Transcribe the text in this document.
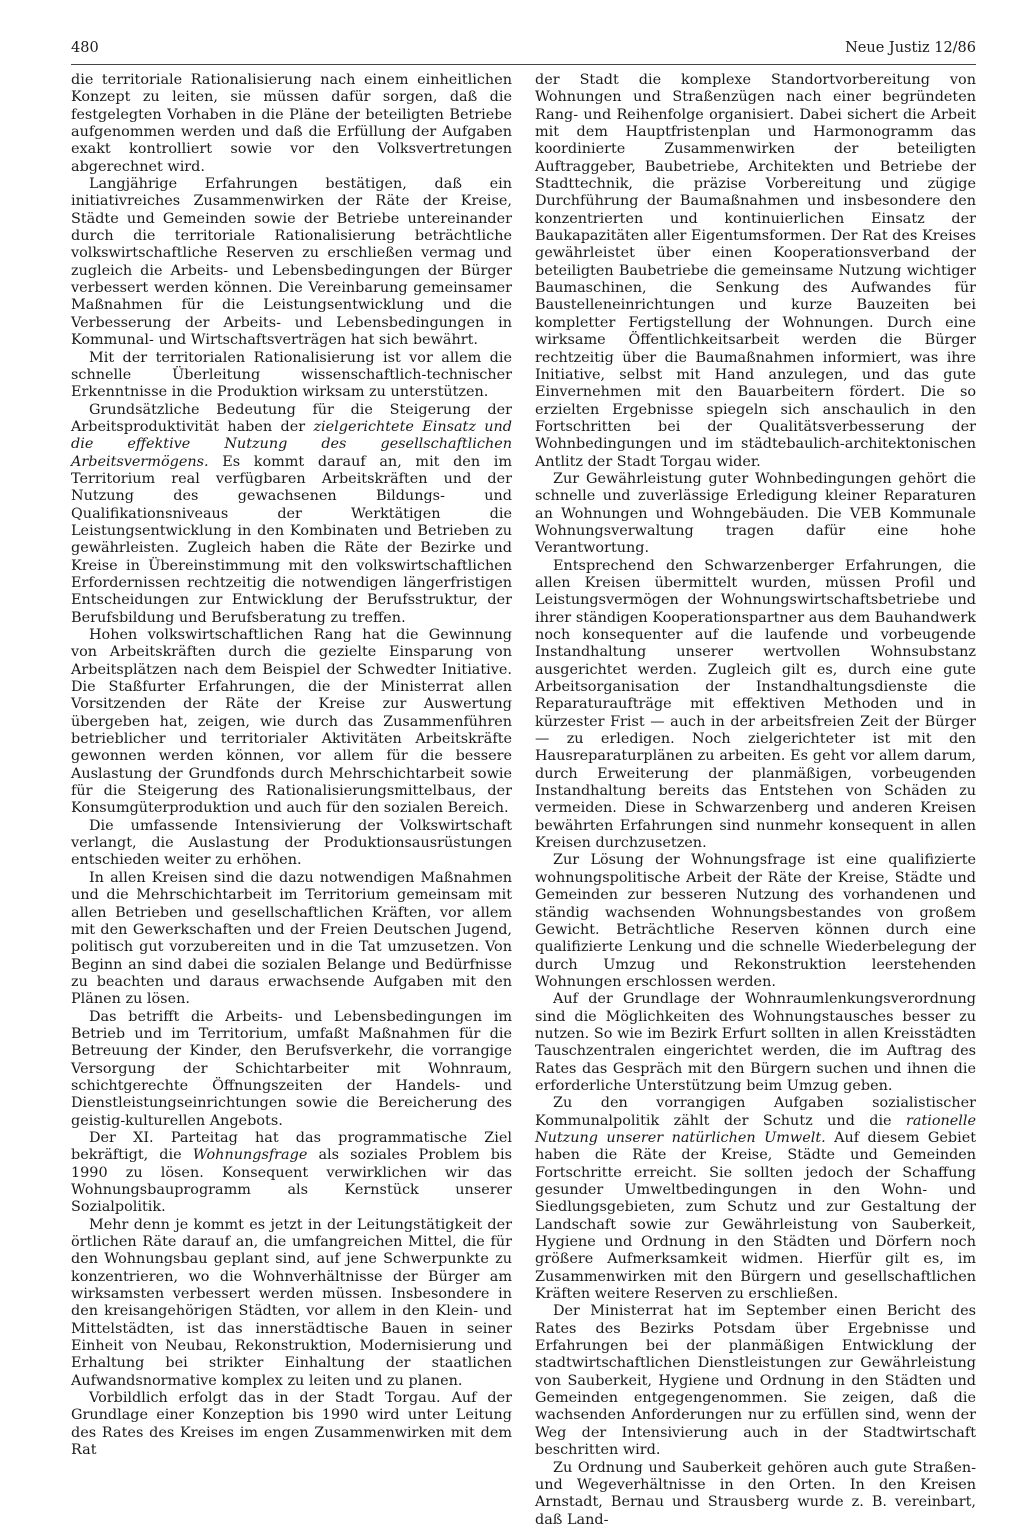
480	Neue Justiz 12/86

die territoriale Rationalisierung nach einem einheitlichen Konzept zu leiten, sie müssen dafür sorgen, daß die festgelegten Vorhaben in die Pläne der beteiligten Betriebe aufgenommen werden und daß die Erfüllung der Aufgaben exakt kontrolliert sowie vor den Volksvertretungen abgerechnet wird.

Langjährige Erfahrungen bestätigen, daß ein initiativreiches Zusammenwirken der Räte der Kreise, Städte und Gemeinden sowie der Betriebe untereinander durch die territoriale Rationalisierung beträchtliche volkswirtschaftliche Reserven zu erschließen vermag und zugleich die Arbeits- und Lebensbedingungen der Bürger verbessert werden können. Die Vereinbarung gemeinsamer Maßnahmen für die Leistungsentwicklung und die Verbesserung der Arbeits- und Lebensbedingungen in Kommunal- und Wirtschaftsverträgen hat sich bewährt.

Mit der territorialen Rationalisierung ist vor allem die schnelle Überleitung wissenschaftlich-technischer Erkenntnisse in die Produktion wirksam zu unterstützen.

Grundsätzliche Bedeutung für die Steigerung der Arbeitsproduktivität haben der zielgerichtete Einsatz und die effektive Nutzung des gesellschaftlichen Arbeitsvermögens. Es kommt darauf an, mit den im Territorium real verfügbaren Arbeitskräften und der Nutzung des gewachsenen Bildungs- und Qualifikationsniveaus der Werktätigen die Leistungsentwicklung in den Kombinaten und Betrieben zu gewährleisten. Zugleich haben die Räte der Bezirke und Kreise in Übereinstimmung mit den volkswirtschaftlichen Erfordernissen rechtzeitig die notwendigen längerfristigen Entscheidungen zur Entwicklung der Berufsstruktur, der Berufsbildung und Berufsberatung zu treffen.

Hohen volkswirtschaftlichen Rang hat die Gewinnung von Arbeitskräften durch die gezielte Einsparung von Arbeitsplätzen nach dem Beispiel der Schwedter Initiative. Die Staßfurter Erfahrungen, die der Ministerrat allen Vorsitzenden der Räte der Kreise zur Auswertung übergeben hat, zeigen, wie durch das Zusammenführen betrieblicher und territorialer Aktivitäten Arbeitskräfte gewonnen werden können, vor allem für die bessere Auslastung der Grundfonds durch Mehrschichtarbeit sowie für die Steigerung des Rationalisierungsmittelbaus, der Konsumgüterproduktion und auch für den sozialen Bereich.

Die umfassende Intensivierung der Volkswirtschaft verlangt, die Auslastung der Produktionsausrüstungen entschieden weiter zu erhöhen.

In allen Kreisen sind die dazu notwendigen Maßnahmen und die Mehrschichtarbeit im Territorium gemeinsam mit allen Betrieben und gesellschaftlichen Kräften, vor allem mit den Gewerkschaften und der Freien Deutschen Jugend, politisch gut vorzubereiten und in die Tat umzusetzen. Von Beginn an sind dabei die sozialen Belange und Bedürfnisse zu beachten und daraus erwachsende Aufgaben mit den Plänen zu lösen.

Das betrifft die Arbeits- und Lebensbedingungen im Betrieb und im Territorium, umfaßt Maßnahmen für die Betreuung der Kinder, den Berufsverkehr, die vorrangige Versorgung der Schichtarbeiter mit Wohnraum, schichtgerechte Öffnungszeiten der Handels- und Dienstleistungseinrichtungen sowie die Bereicherung des geistig-kulturellen Angebots.

Der XI. Parteitag hat das programmatische Ziel bekräftigt, die Wohnungsfrage als soziales Problem bis 1990 zu lösen. Konsequent verwirklichen wir das Wohnungsbauprogramm als Kernstück unserer Sozialpolitik.

Mehr denn je kommt es jetzt in der Leitungstätigkeit der örtlichen Räte darauf an, die umfangreichen Mittel, die für den Wohnungsbau geplant sind, auf jene Schwerpunkte zu konzentrieren, wo die Wohnverhältnisse der Bürger am wirksamsten verbessert werden müssen. Insbesondere in den kreisangehörigen Städten, vor allem in den Klein- und Mittelstädten, ist das innerstädtische Bauen in seiner Einheit von Neubau, Rekonstruktion, Modernisierung und Erhaltung bei strikter Einhaltung der staatlichen Aufwandsnormative komplex zu leiten und zu planen.

Vorbildlich erfolgt das in der Stadt Torgau. Auf der Grundlage einer Konzeption bis 1990 wird unter Leitung des Rates des Kreises im engen Zusammenwirken mit dem Rat

der Stadt die komplexe Standortvorbereitung von Wohnungen und Straßenzügen nach einer begründeten Rang- und Reihenfolge organisiert. Dabei sichert die Arbeit mit dem Hauptfristenplan und Harmonogramm das koordinierte Zusammenwirken der beteiligten Auftraggeber, Baubetriebe, Architekten und Betriebe der Stadttechnik, die präzise Vorbereitung und zügige Durchführung der Baumaßnahmen und insbesondere den konzentrierten und kontinuierlichen Einsatz der Baukapazitäten aller Eigentumsformen. Der Rat des Kreises gewährleistet über einen Kooperationsverband der beteiligten Baubetriebe die gemeinsame Nutzung wichtiger Baumaschinen, die Senkung des Aufwandes für Baustelleneinrichtungen und kurze Bauzeiten bei kompletter Fertigstellung der Wohnungen. Durch eine wirksame Öffentlichkeitsarbeit werden die Bürger rechtzeitig über die Baumaßnahmen informiert, was ihre Initiative, selbst mit Hand anzulegen, und das gute Einvernehmen mit den Bauarbeitern fördert. Die so erzielten Ergebnisse spiegeln sich anschaulich in den Fortschritten bei der Qualitätsverbesserung der Wohnbedingungen und im städtebaulich-architektonischen Antlitz der Stadt Torgau wider.

Zur Gewährleistung guter Wohnbedingungen gehört die schnelle und zuverlässige Erledigung kleiner Reparaturen an Wohnungen und Wohngebäuden. Die VEB Kommunale Wohnungsverwaltung tragen dafür eine hohe Verantwortung.

Entsprechend den Schwarzenberger Erfahrungen, die allen Kreisen übermittelt wurden, müssen Profil und Leistungsvermögen der Wohnungswirtschaftsbetriebe und ihrer ständigen Kooperationspartner aus dem Bauhandwerk noch konsequenter auf die laufende und vorbeugende Instandhaltung unserer wertvollen Wohnsubstanz ausgerichtet werden. Zugleich gilt es, durch eine gute Arbeitsorganisation der Instandhaltungsdienste die Reparaturaufträge mit effektiven Methoden und in kürzester Frist — auch in der arbeitsfreien Zeit der Bürger — zu erledigen. Noch zielgerichteter ist mit den Hausreparaturplänen zu arbeiten. Es geht vor allem darum, durch Erweiterung der planmäßigen, vorbeugenden Instandhaltung bereits das Entstehen von Schäden zu vermeiden. Diese in Schwarzenberg und anderen Kreisen bewährten Erfahrungen sind nunmehr konsequent in allen Kreisen durchzusetzen.

Zur Lösung der Wohnungsfrage ist eine qualifizierte wohnungspolitische Arbeit der Räte der Kreise, Städte und Gemeinden zur besseren Nutzung des vorhandenen und ständig wachsenden Wohnungsbestandes von großem Gewicht. Beträchtliche Reserven können durch eine qualifizierte Lenkung und die schnelle Wiederbelegung der durch Umzug und Rekonstruktion leerstehenden Wohnungen erschlossen werden.

Auf der Grundlage der Wohnraumlenkungsverordnung sind die Möglichkeiten des Wohnungstausches besser zu nutzen. So wie im Bezirk Erfurt sollten in allen Kreisstädten Tauschzentralen eingerichtet werden, die im Auftrag des Rates das Gespräch mit den Bürgern suchen und ihnen die erforderliche Unterstützung beim Umzug geben.

Zu den vorrangigen Aufgaben sozialistischer Kommunalpolitik zählt der Schutz und die rationelle Nutzung unserer natürlichen Umwelt. Auf diesem Gebiet haben die Räte der Kreise, Städte und Gemeinden Fortschritte erreicht. Sie sollten jedoch der Schaffung gesunder Umweltbedingungen in den Wohn- und Siedlungsgebieten, zum Schutz und zur Gestaltung der Landschaft sowie zur Gewährleistung von Sauberkeit, Hygiene und Ordnung in den Städten und Dörfern noch größere Aufmerksamkeit widmen. Hierfür gilt es, im Zusammenwirken mit den Bürgern und gesellschaftlichen Kräften weitere Reserven zu erschließen.

Der Ministerrat hat im September einen Bericht des Rates des Bezirks Potsdam über Ergebnisse und Erfahrungen bei der planmäßigen Entwicklung der stadtwirtschaftlichen Dienstleistungen zur Gewährleistung von Sauberkeit, Hygiene und Ordnung in den Städten und Gemeinden entgegengenommen. Sie zeigen, daß die wachsenden Anforderungen nur zu erfüllen sind, wenn der Weg der Intensivierung auch in der Stadtwirtschaft beschritten wird.

Zu Ordnung und Sauberkeit gehören auch gute Straßen- und Wegeverhältnisse in den Orten. In den Kreisen Arnstadt, Bernau und Strausberg wurde z. B. vereinbart, daß Land-
